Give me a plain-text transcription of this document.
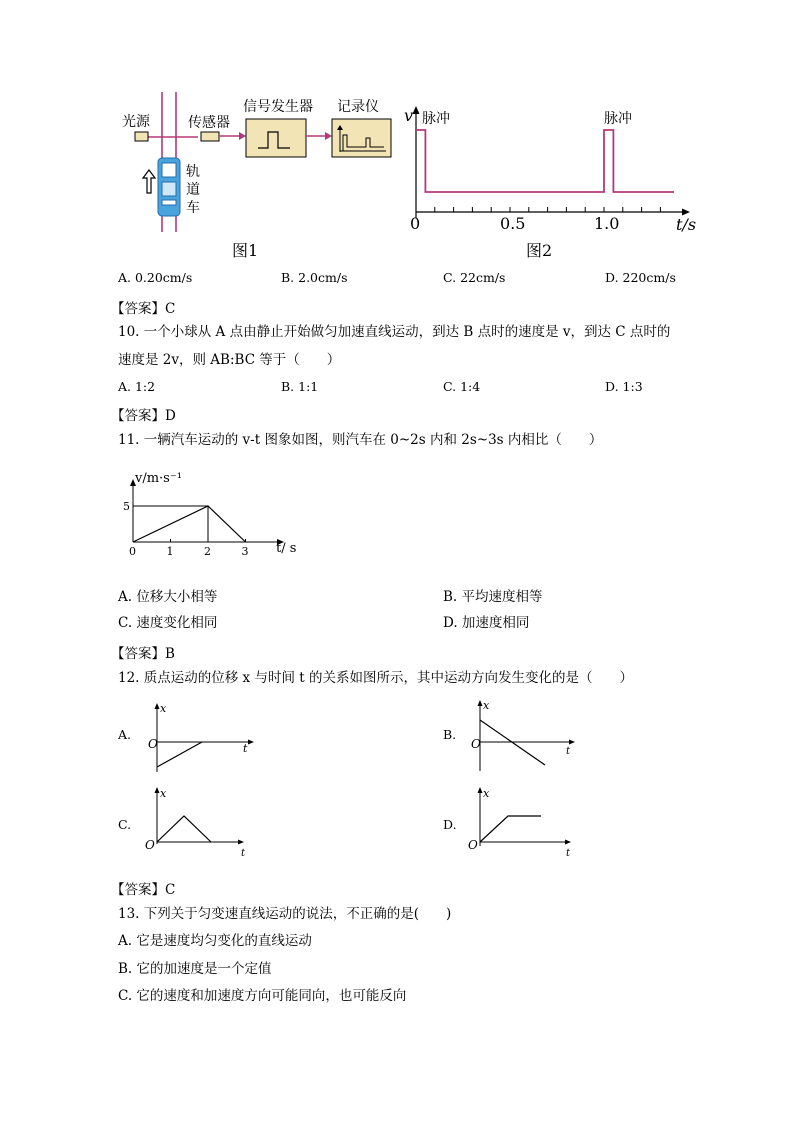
光源	传感器
信号发生器 记录仪
轨
道
车
图1
v 脉冲	脉冲
0	0.5	1.0	t/s
图2
A. 0.20cm/s	B. 2.0cm/s	C. 22cm/s	D. 220cm/s
【答案】C
10. 一个小球从 A 点由静止开始做匀加速直线运动，到达 B 点时的速度是 v，到达 C 点时的
速度是 2v，则 AB:BC 等于（　　）
A. 1:2	B. 1:1	C. 1:4	D. 1:3
【答案】D
11. 一辆汽车运动的 v-t 图象如图，则汽车在 0~2s 内和 2s~3s 内相比（　　）
0	1	2	3
5
v/m·s⁻¹
t/ s
A. 位移大小相等	B. 平均速度相等
C. 速度变化相同	D. 加速度相同
【答案】B
12. 质点运动的位移 x 与时间 t 的关系如图所示，其中运动方向发生变化的是（　　）
A.
x
O	t
B.
x
O
t
C.
x
O
t
D.
x
O
t
【答案】C
13. 下列关于匀变速直线运动的说法，不正确的是(　　)
A. 它是速度均匀变化的直线运动
B. 它的加速度是一个定值
C. 它的速度和加速度方向可能同向，也可能反向
